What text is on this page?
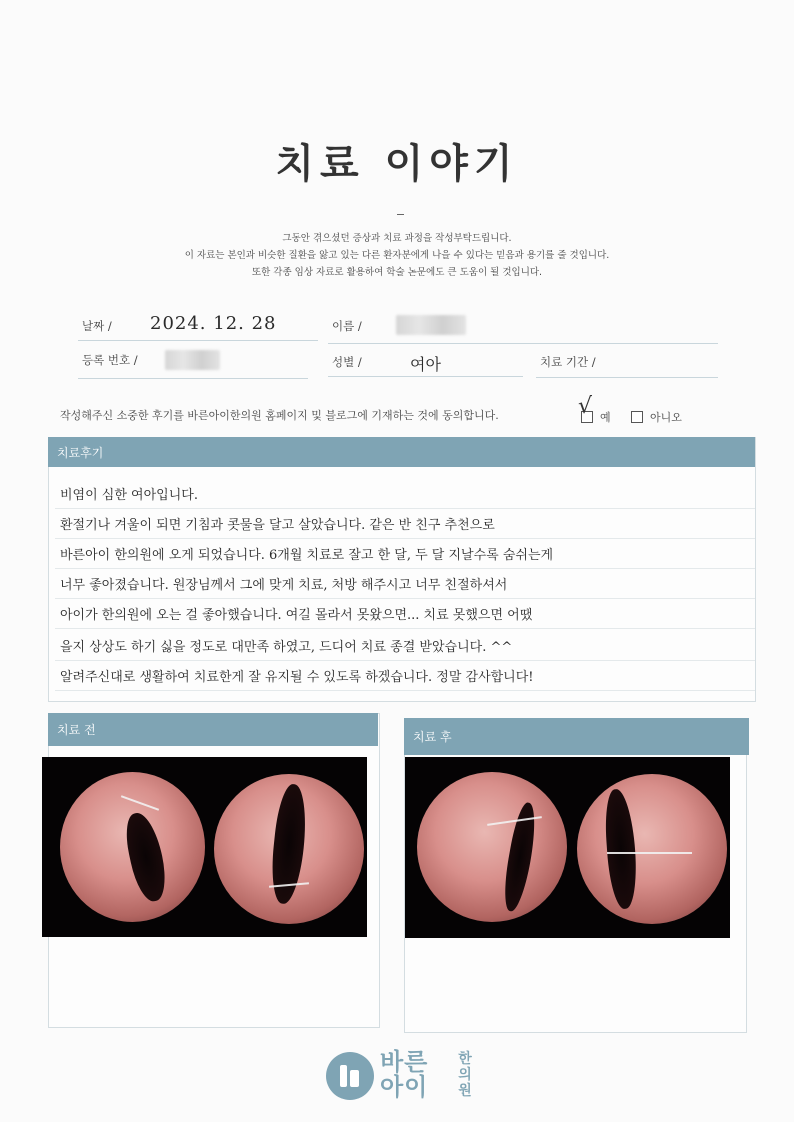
치료 이야기
그동안 겪으셨던 증상과 치료 과정을 작성부탁드립니다.
이 자료는 본인과 비슷한 질환을 앓고 있는 다른 환자분에게 나을 수 있다는 믿음과 용기를 줄 것입니다.
또한 각종 임상 자료로 활용하여 학술 논문에도 큰 도움이 될 것입니다.
날짜 / 2024. 12. 28	이름 /
등록 번호 /	성별 /	여아	치료 기간 /
작성해주신 소중한 후기를 바른아이한의원 홈페이지 및 블로그에 기재하는 것에 동의합니다.	√ 예	아니오
치료후기
비염이 심한 여아입니다.
환절기나 겨울이 되면 기침과 콧물을 달고 살았습니다. 같은 반 친구 추천으로
바른아이 한의원에 오게 되었습니다. 6개월 치료로 잘고 한 달, 두 달 지날수록 숨쉬는게
너무 좋아졌습니다. 원장님께서 그에 맞게 치료, 처방 해주시고 너무 친절하셔서
아이가 한의원에 오는 걸 좋아했습니다. 여길 몰라서 못왔으면... 치료 못했으면 어땠
을지 상상도 하기 싫을 정도로 대만족 하였고, 드디어 치료 종결 받았습니다. ^^
알려주신대로 생활하여 치료한게 잘 유지될 수 있도록 하겠습니다. 정말 감사합니다!
치료 전	치료 후
바른
아이
한의원
